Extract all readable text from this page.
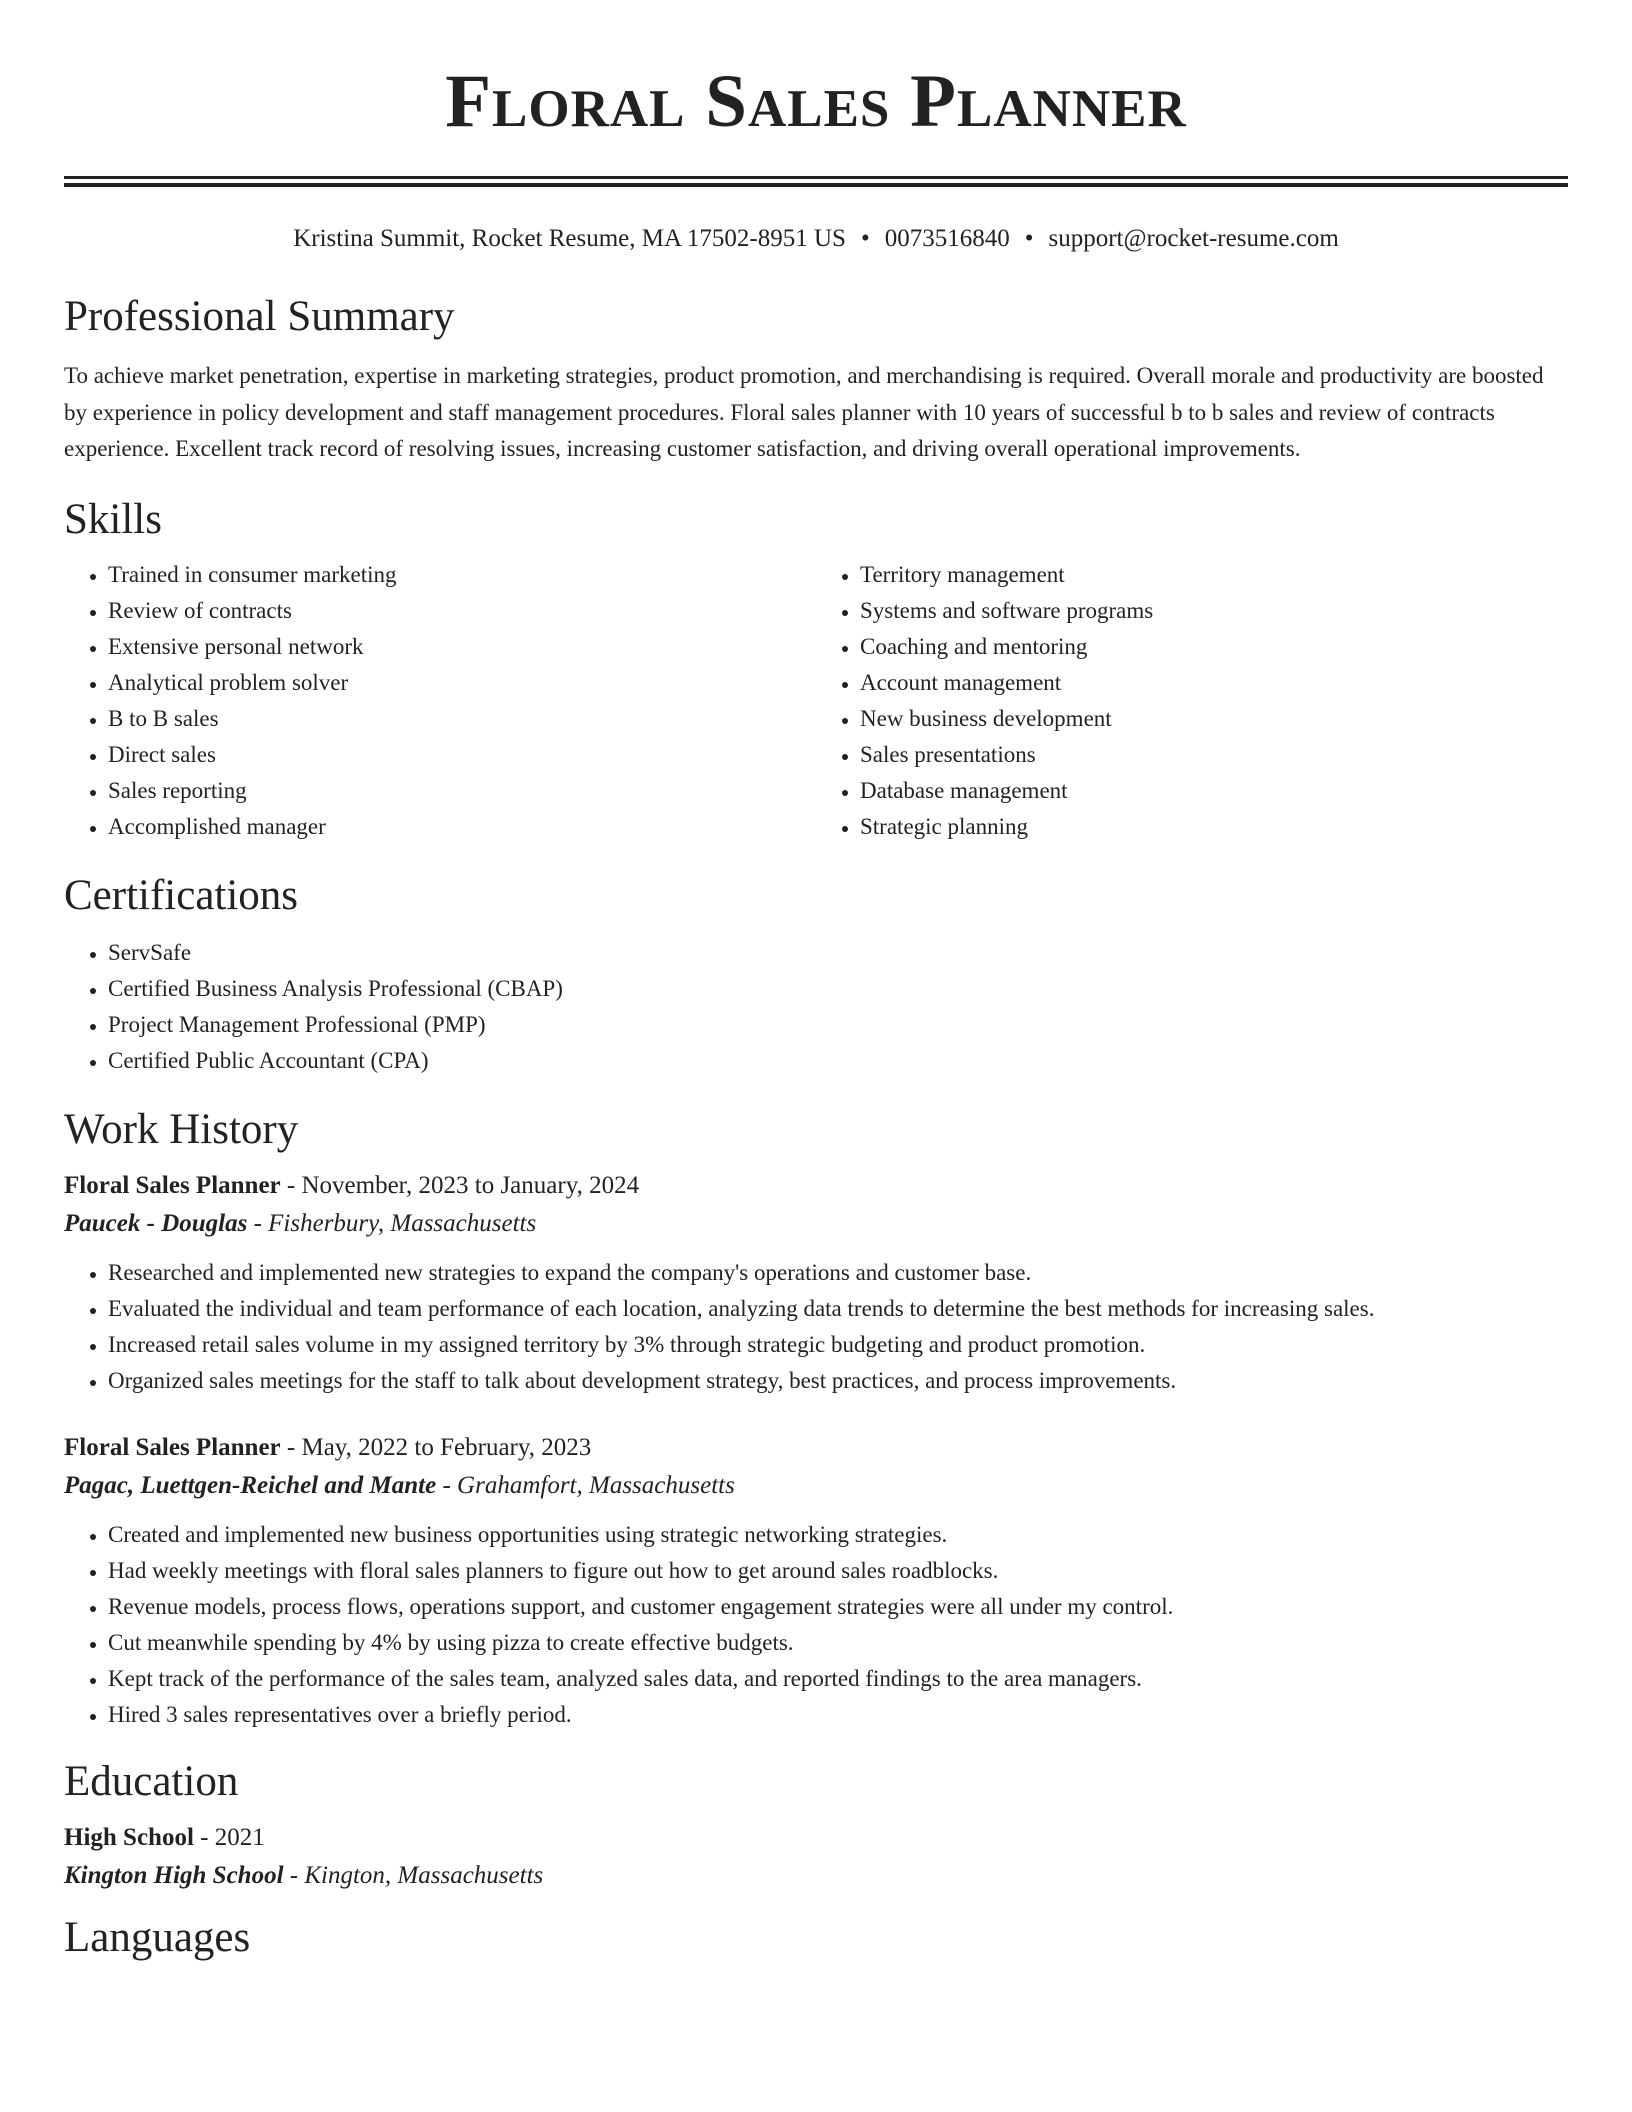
Floral Sales Planner
Kristina Summit, Rocket Resume, MA 17502-8951 US • 0073516840 • support@rocket-resume.com
Professional Summary

To achieve market penetration, expertise in marketing strategies, product promotion, and merchandising is required. Overall morale and productivity are boosted by experience in policy development and staff management procedures. Floral sales planner with 10 years of successful b to b sales and review of contracts experience. Excellent track record of resolving issues, increasing customer satisfaction, and driving overall operational improvements.

Skills
• Trained in consumer marketing
• Review of contracts
• Extensive personal network
• Analytical problem solver
• B to B sales
• Direct sales
• Sales reporting
• Accomplished manager
• Territory management
• Systems and software programs
• Coaching and mentoring
• Account management
• New business development
• Sales presentations
• Database management
• Strategic planning
Certifications
• ServSafe
• Certified Business Analysis Professional (CBAP)
• Project Management Professional (PMP)
• Certified Public Accountant (CPA)
Work History
Floral Sales Planner - November, 2023 to January, 2024
Paucek - Douglas - Fisherbury, Massachusetts
• Researched and implemented new strategies to expand the company's operations and customer base.
• Evaluated the individual and team performance of each location, analyzing data trends to determine the best methods for increasing sales.
• Increased retail sales volume in my assigned territory by 3% through strategic budgeting and product promotion.
• Organized sales meetings for the staff to talk about development strategy, best practices, and process improvements.
Floral Sales Planner - May, 2022 to February, 2023
Pagac, Luettgen-Reichel and Mante - Grahamfort, Massachusetts
• Created and implemented new business opportunities using strategic networking strategies.
• Had weekly meetings with floral sales planners to figure out how to get around sales roadblocks.
• Revenue models, process flows, operations support, and customer engagement strategies were all under my control.
• Cut meanwhile spending by 4% by using pizza to create effective budgets.
• Kept track of the performance of the sales team, analyzed sales data, and reported findings to the area managers.
• Hired 3 sales representatives over a briefly period.
Education
High School - 2021
Kington High School - Kington, Massachusetts
Languages
